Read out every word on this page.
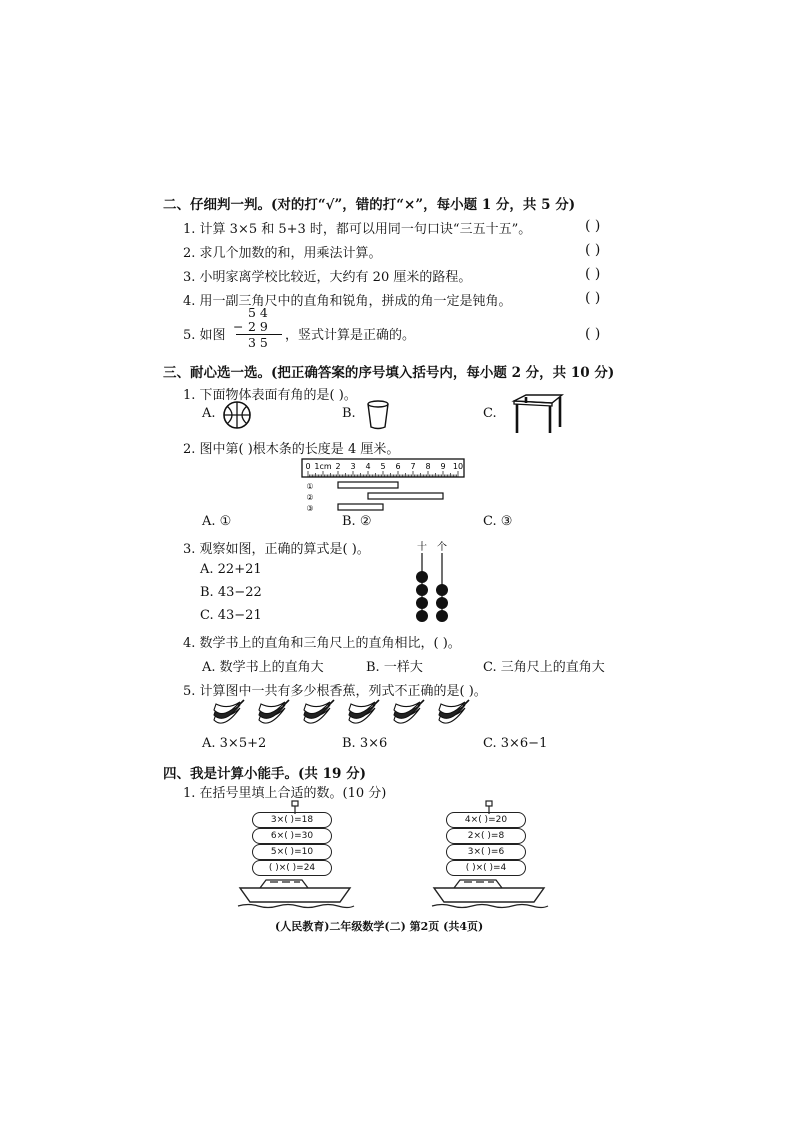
二、仔细判一判。(对的打“√”，错的打“×”，每小题 1 分，共 5 分)
1. 计算 3×5 和 5+3 时，都可以用同一句口诀“三五十五”。	( )
2. 求几个加数的和，用乘法计算。	( )
3. 小明家离学校比较近，大约有 20 厘米的路程。	( )
4. 用一副三角尺中的直角和锐角，拼成的角一定是钝角。	( )
5. 如图
5 4
− 2 9
3 5 ，竖式计算是正确的。	( )
三、耐心选一选。(把正确答案的序号填入括号内，每小题 2 分，共 10 分)
1. 下面物体表面有角的是( )。
A.	B.	C.
2. 图中第( )根木条的长度是 4 厘米。
0 1cm 2 3 4 5 6 7 8 9 10
①
②
③
A. ①	B. ②	C. ③
3. 观察如图，正确的算式是( )。
A. 22+21
B. 43−22
C. 43−21
十 个
4. 数学书上的直角和三角尺上的直角相比，( )。
A. 数学书上的直角大	B. 一样大	C. 三角尺上的直角大
5. 计算图中一共有多少根香蕉，列式不正确的是( )。
A. 3×5+2	B. 3×6	C. 3×6−1
四、我是计算小能手。(共 19 分)
1. 在括号里填上合适的数。(10 分)
3×( )=18
6×( )=30
5×( )=10
( )×( )=24
4×( )=20
2×( )=8
3×( )=6
( )×( )=4
(人民教育)二年级数学(二) 第2页 (共4页)
